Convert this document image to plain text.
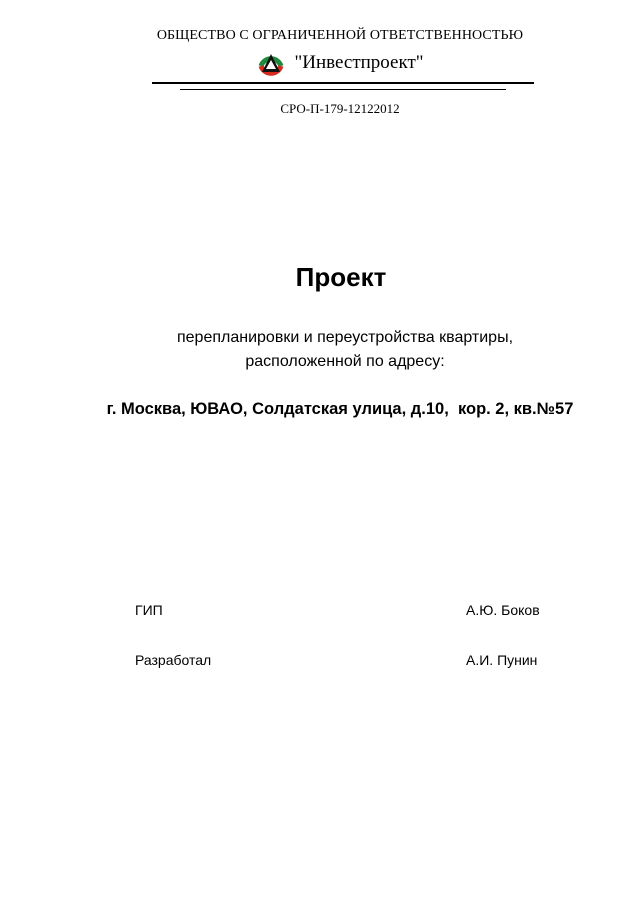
ОБЩЕСТВО С ОГРАНИЧЕННОЙ ОТВЕТСТВЕННОСТЬЮ
"Инвестпроект"
СРО-П-179-12122012
Проект
перепланировки и переустройства квартиры,
расположенной по адресу:
г. Москва, ЮВАО, Солдатская улица, д.10,  кор. 2, кв.№57
ГИП	А.Ю. Боков
Разработал	А.И. Пунин
